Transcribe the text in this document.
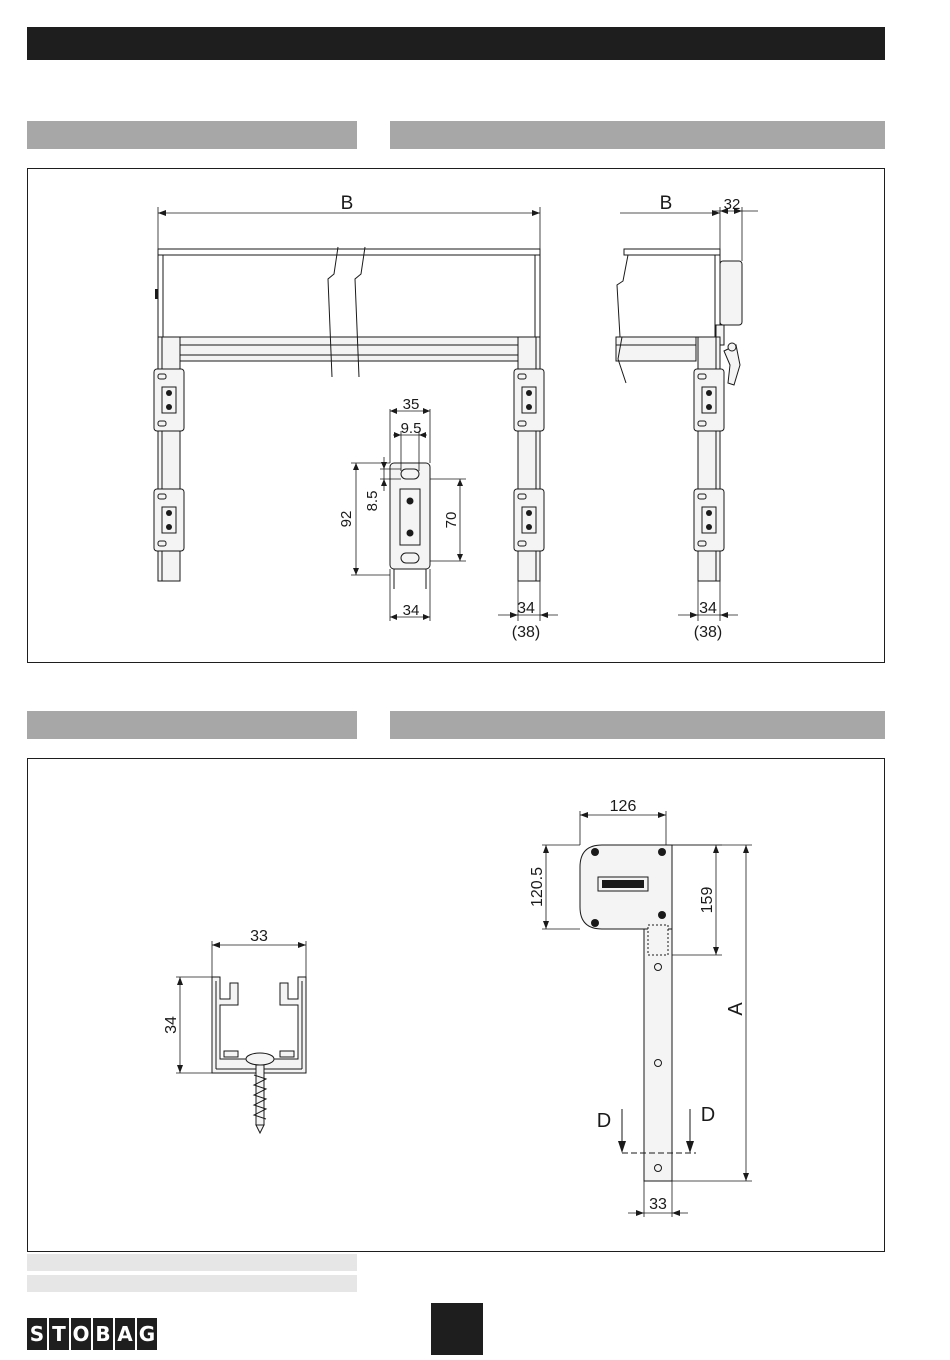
B
34
(38)
35
9.5
8.5
92	70
34
B	32
34
(38)
33
34
126
120.5	159
A
D	D
33
S T O B A G
